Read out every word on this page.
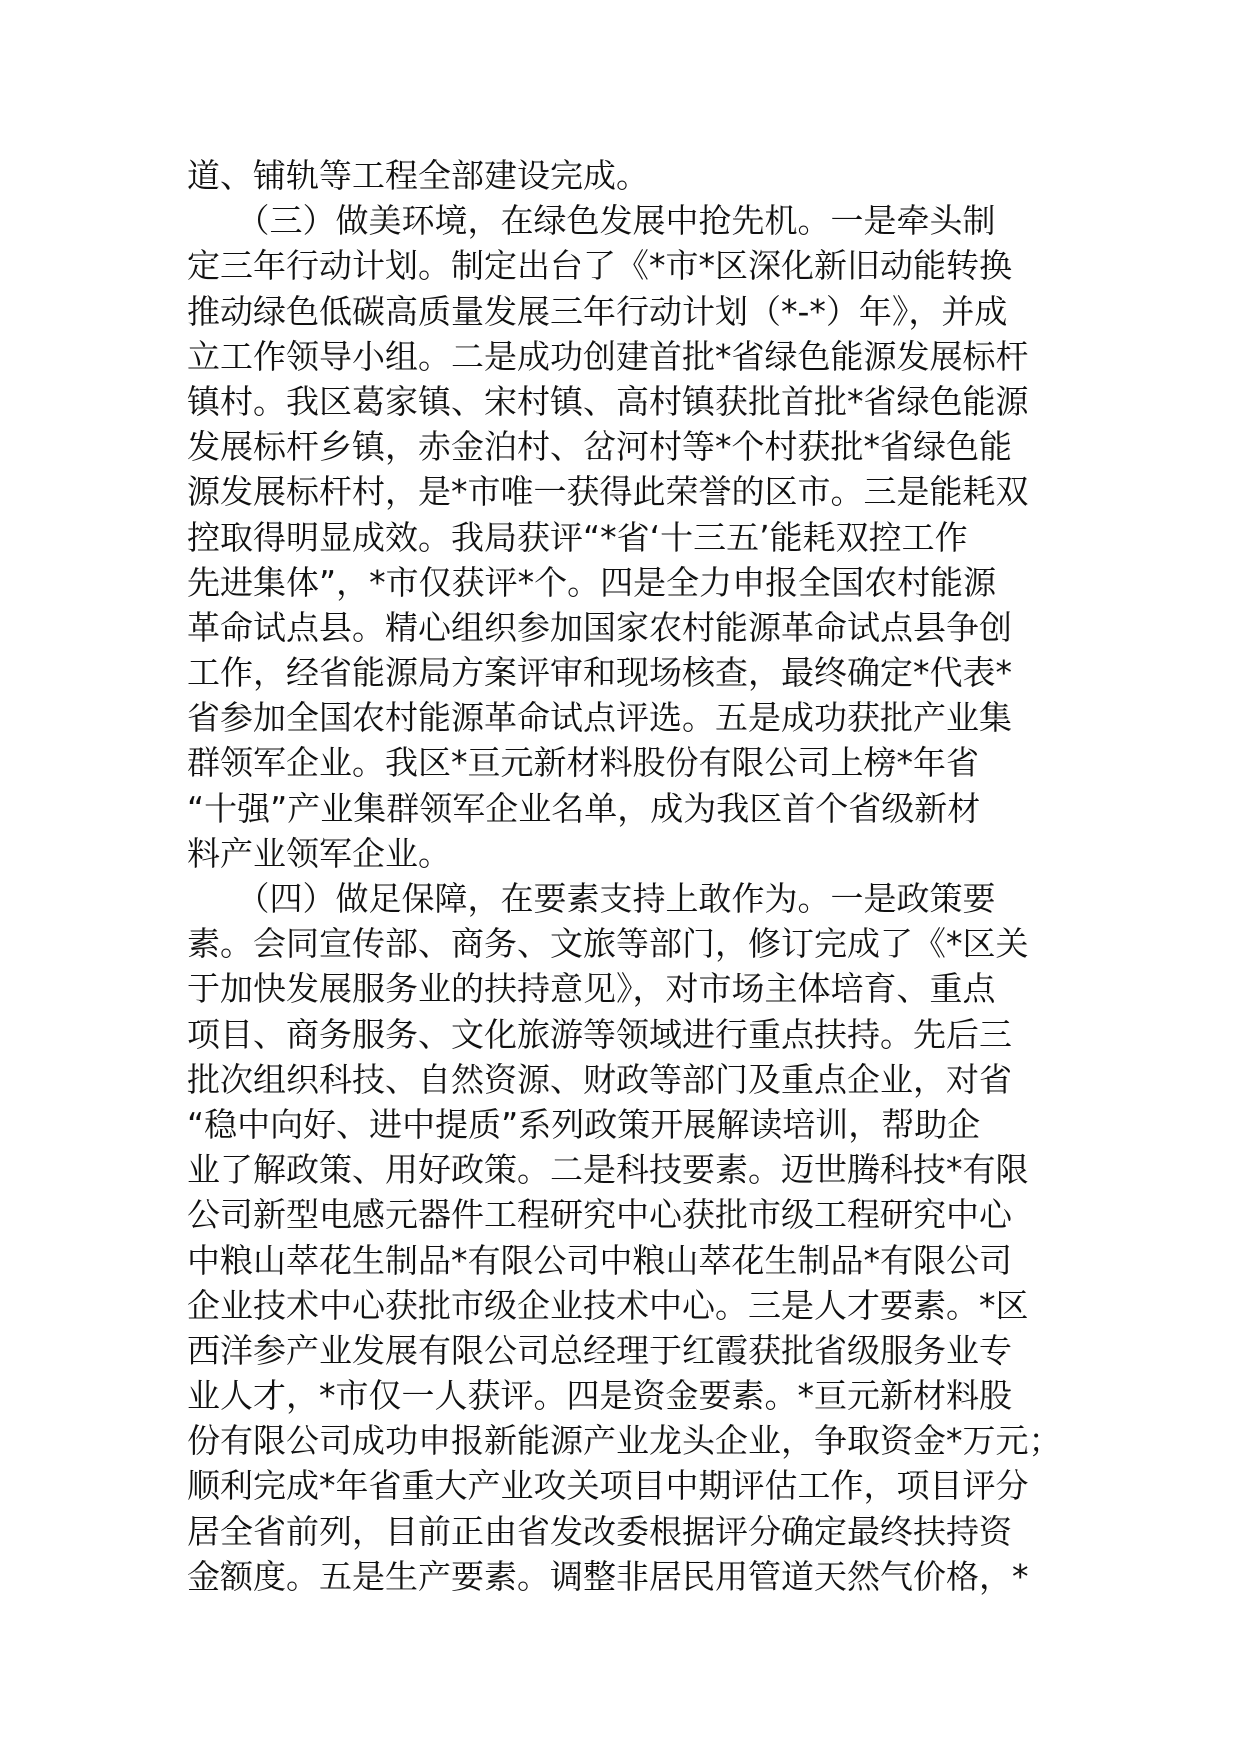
道、铺轨等工程全部建设完成。
　　（三）做美环境，在绿色发展中抢先机。一是牵头制
定三年行动计划。制定出台了《*市*区深化新旧动能转换
推动绿色低碳高质量发展三年行动计划（*-*）年》，并成
立工作领导小组。二是成功创建首批*省绿色能源发展标杆
镇村。我区葛家镇、宋村镇、高村镇获批首批*省绿色能源
发展标杆乡镇，赤金泊村、岔河村等*个村获批*省绿色能
源发展标杆村，是*市唯一获得此荣誉的区市。三是能耗双
控取得明显成效。我局获评“*省‘十三五’能耗双控工作
先进集体”，*市仅获评*个。四是全力申报全国农村能源
革命试点县。精心组织参加国家农村能源革命试点县争创
工作，经省能源局方案评审和现场核查，最终确定*代表*
省参加全国农村能源革命试点评选。五是成功获批产业集
群领军企业。我区*亘元新材料股份有限公司上榜*年省
“十强”产业集群领军企业名单，成为我区首个省级新材
料产业领军企业。
　　（四）做足保障，在要素支持上敢作为。一是政策要
素。会同宣传部、商务、文旅等部门，修订完成了《*区关
于加快发展服务业的扶持意见》，对市场主体培育、重点
项目、商务服务、文化旅游等领域进行重点扶持。先后三
批次组织科技、自然资源、财政等部门及重点企业，对省
“稳中向好、进中提质”系列政策开展解读培训，帮助企
业了解政策、用好政策。二是科技要素。迈世腾科技*有限
公司新型电感元器件工程研究中心获批市级工程研究中心
中粮山萃花生制品*有限公司中粮山萃花生制品*有限公司
企业技术中心获批市级企业技术中心。三是人才要素。*区
西洋参产业发展有限公司总经理于红霞获批省级服务业专
业人才，*市仅一人获评。四是资金要素。*亘元新材料股
份有限公司成功申报新能源产业龙头企业，争取资金*万元；
顺利完成*年省重大产业攻关项目中期评估工作，项目评分
居全省前列，目前正由省发改委根据评分确定最终扶持资
金额度。五是生产要素。调整非居民用管道天然气价格，*
